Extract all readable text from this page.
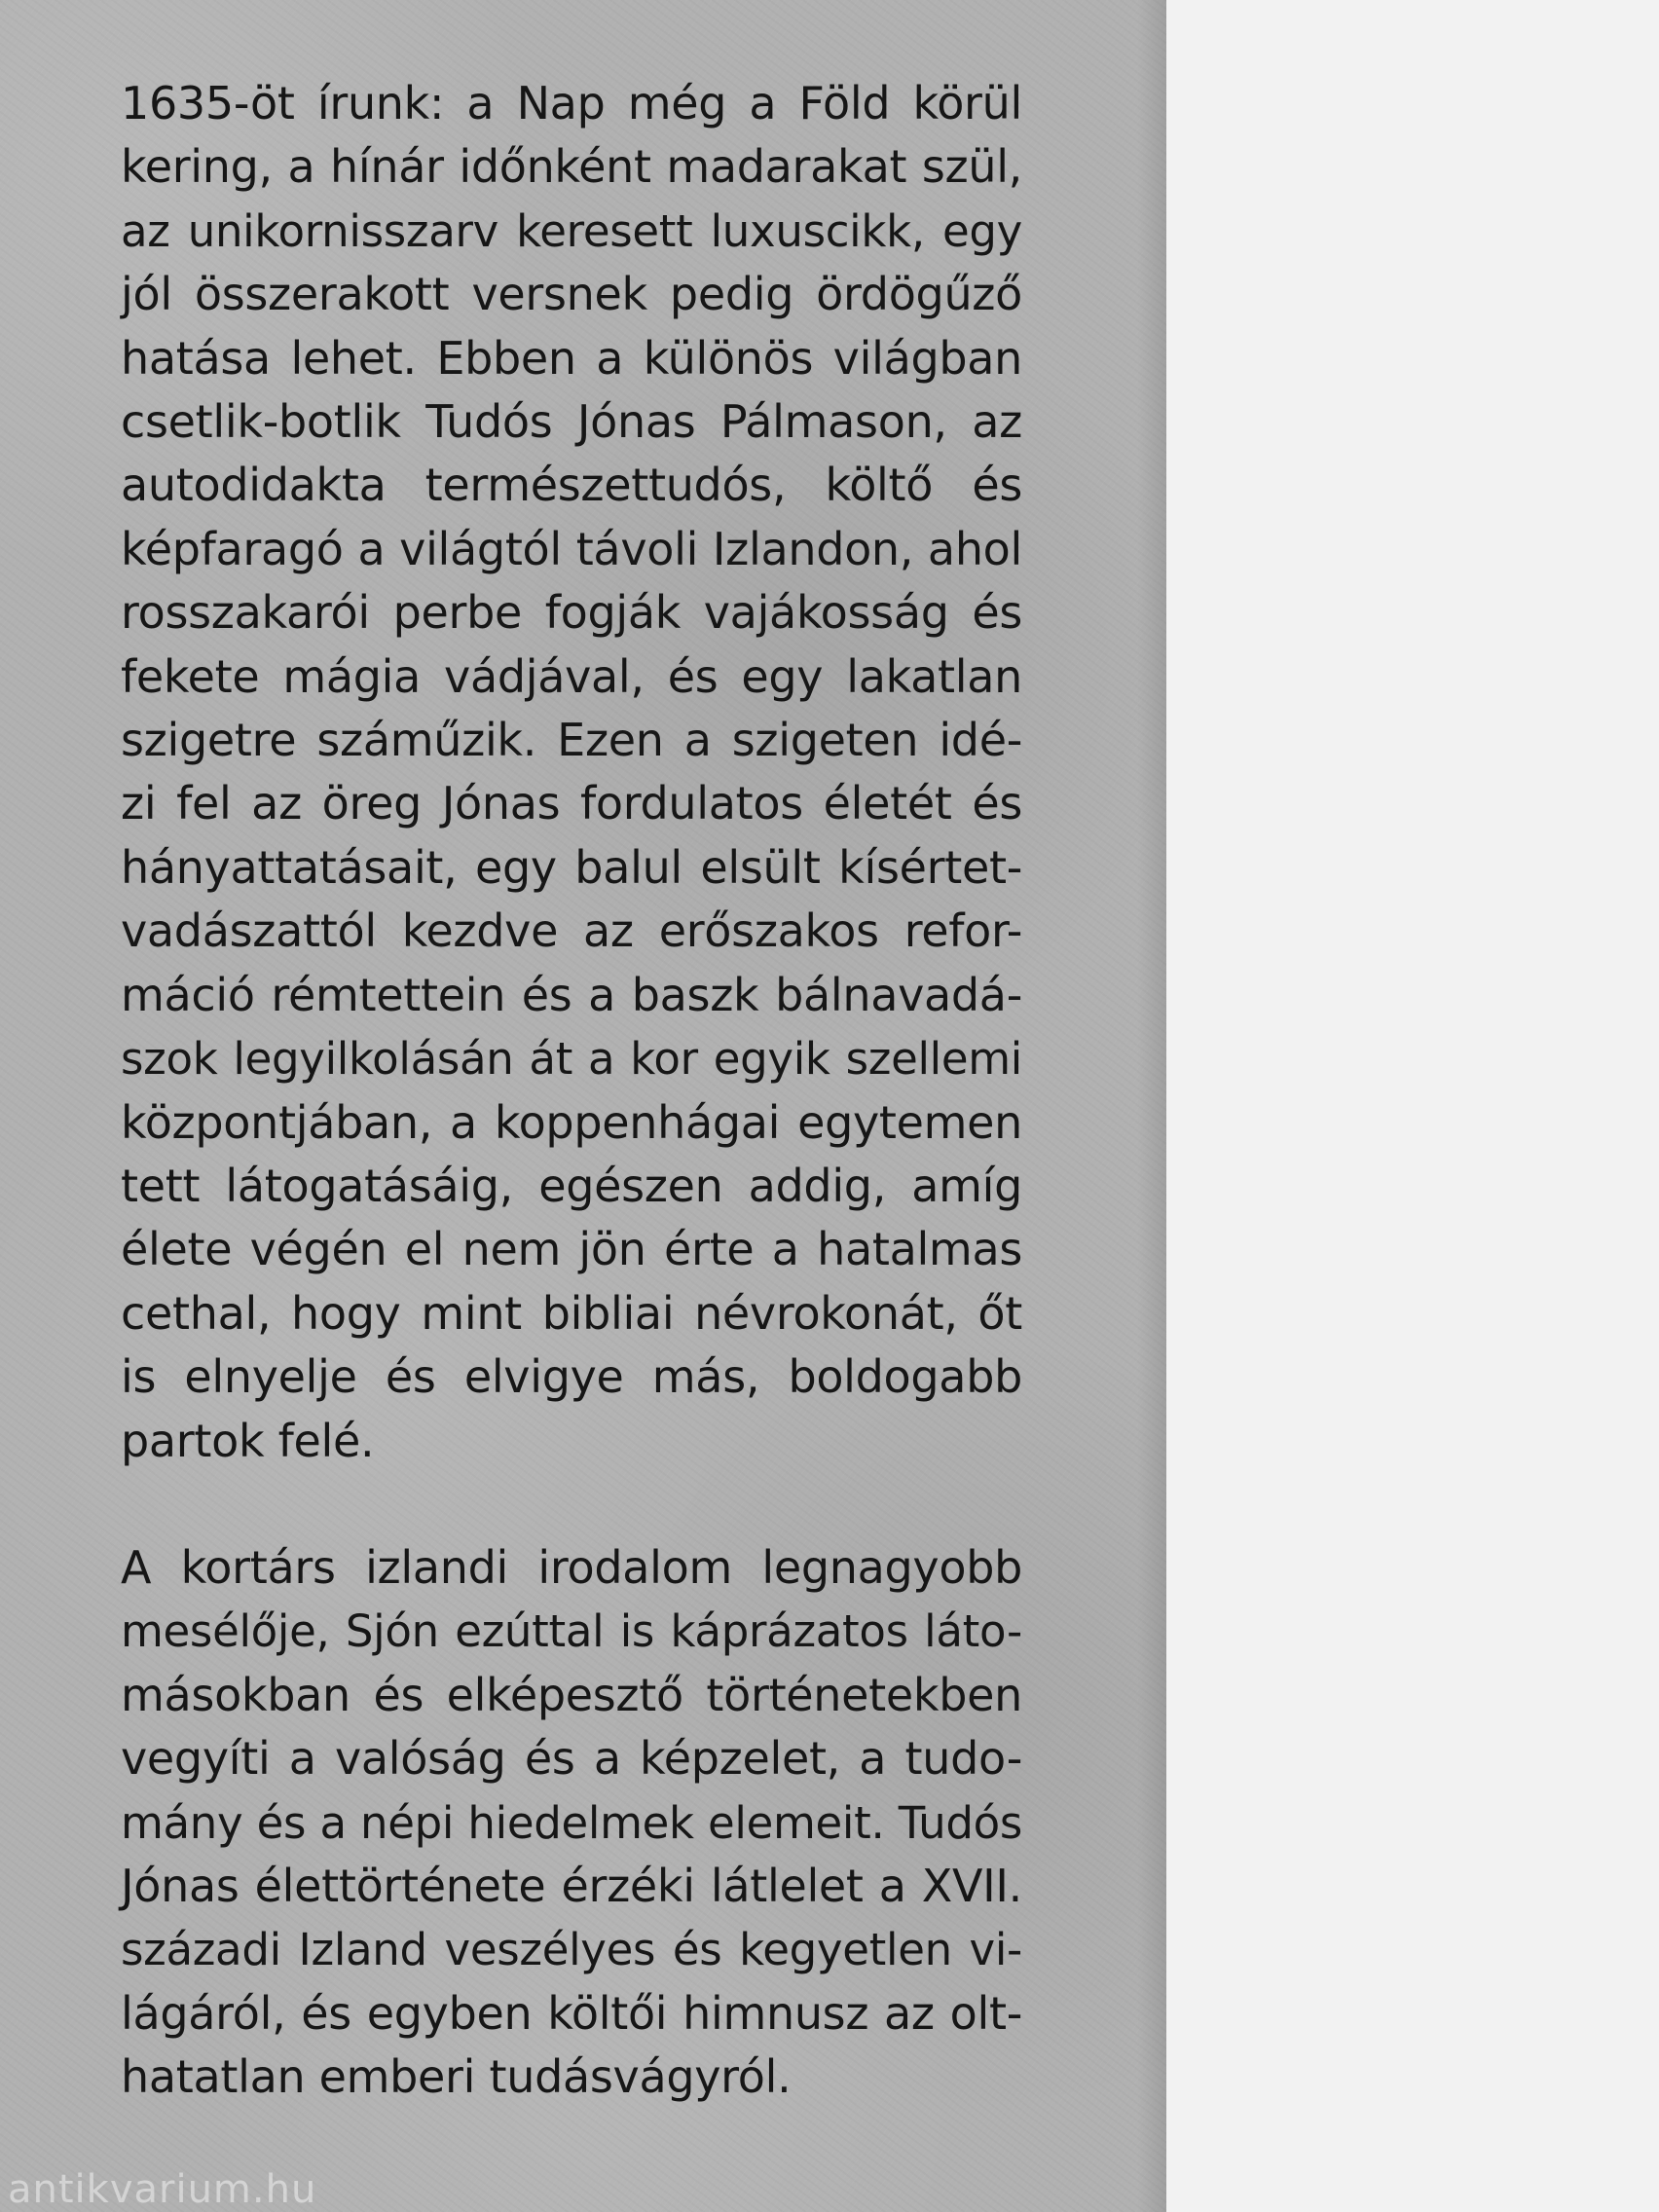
1635-öt írunk: a Nap még a Föld körül
kering, a hínár időnként madarakat szül,
az unikornisszarv keresett luxuscikk, egy
jól összerakott versnek pedig ördögűző
hatása lehet. Ebben a különös világban
csetlik-botlik Tudós Jónas Pálmason, az
autodidakta természettudós, költő és
képfaragó a világtól távoli Izlandon, ahol
rosszakarói perbe fogják vajákosság és
fekete mágia vádjával, és egy lakatlan
szigetre száműzik. Ezen a szigeten idé-
zi fel az öreg Jónas fordulatos életét és
hányattatásait, egy balul elsült kísértet-
vadászattól kezdve az erőszakos refor-
máció rémtettein és a baszk bálnavadá-
szok legyilkolásán át a kor egyik szellemi
központjában, a koppenhágai egytemen
tett látogatásáig, egészen addig, amíg
élete végén el nem jön érte a hatalmas
cethal, hogy mint bibliai névrokonát, őt
is elnyelje és elvigye más, boldogabb
partok felé.

A kortárs izlandi irodalom legnagyobb
mesélője, Sjón ezúttal is káprázatos láto-
másokban és elképesztő történetekben
vegyíti a valóság és a képzelet, a tudo-
mány és a népi hiedelmek elemeit. Tudós
Jónas élettörténete érzéki látlelet a XVII.
századi Izland veszélyes és kegyetlen vi-
lágáról, és egyben költői himnusz az olt-
hatatlan emberi tudásvágyról.

antikvarium.hu
